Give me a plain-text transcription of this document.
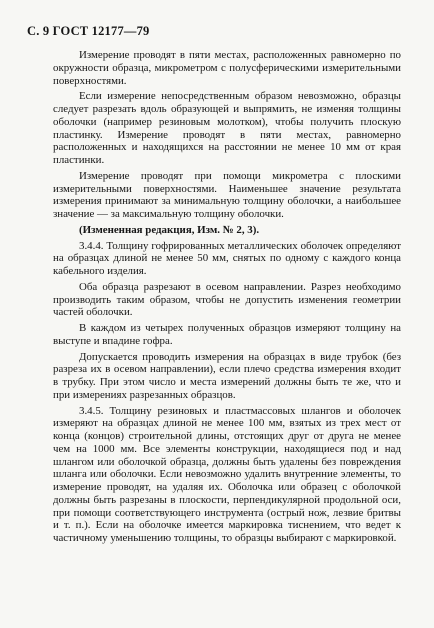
С. 9 ГОСТ 12177—79

Измерение проводят в пяти местах, расположенных равномерно по окружности образца, микрометром с полусферическими измерительными поверхностями.

Если измерение непосредственным образом невозможно, образцы следует разрезать вдоль образующей и выпрямить, не изменяя толщины оболочки (например резиновым молотком), чтобы получить плоскую пластинку. Измерение проводят в пяти местах, равномерно расположенных и находящихся на расстоянии не менее 10 мм от края пластинки.

Измерение проводят при помощи микрометра с плоскими измерительными поверхностями. Наименьшее значение результата измерения принимают за минимальную толщину оболочки, а наибольшее значение — за максимальную толщину оболочки.

(Измененная редакция, Изм. № 2, 3).

3.4.4. Толщину гофрированных металлических оболочек определяют на образцах длиной не менее 50 мм, снятых по одному с каждого конца кабельного изделия.

Оба образца разрезают в осевом направлении. Разрез необходимо производить таким образом, чтобы не допустить изменения геометрии частей оболочки.

В каждом из четырех полученных образцов измеряют толщину на выступе и впадине гофра.

Допускается проводить измерения на образцах в виде трубок (без разреза их в осевом направлении), если плечо средства измерения входит в трубку. При этом число и места измерений должны быть те же, что и при измерениях разрезанных образцов.

3.4.5. Толщину резиновых и пластмассовых шлангов и оболочек измеряют на образцах длиной не менее 100 мм, взятых из трех мест от конца (концов) строительной длины, отстоящих друг от друга не менее чем на 1000 мм. Все элементы конструкции, находящиеся под и над шлангом или оболочкой образца, должны быть удалены без повреждения шланга или оболочки. Если невозможно удалить внутренние элементы, то измерение проводят, на удаляя их. Оболочка или образец с оболочкой должны быть разрезаны в плоскости, перпендикулярной продольной оси, при помощи соответствующего инструмента (острый нож, лезвие бритвы и т. п.). Если на оболочке имеется маркировка тиснением, что ведет к частичному уменьшению толщины, то образцы выбирают с маркировкой.
